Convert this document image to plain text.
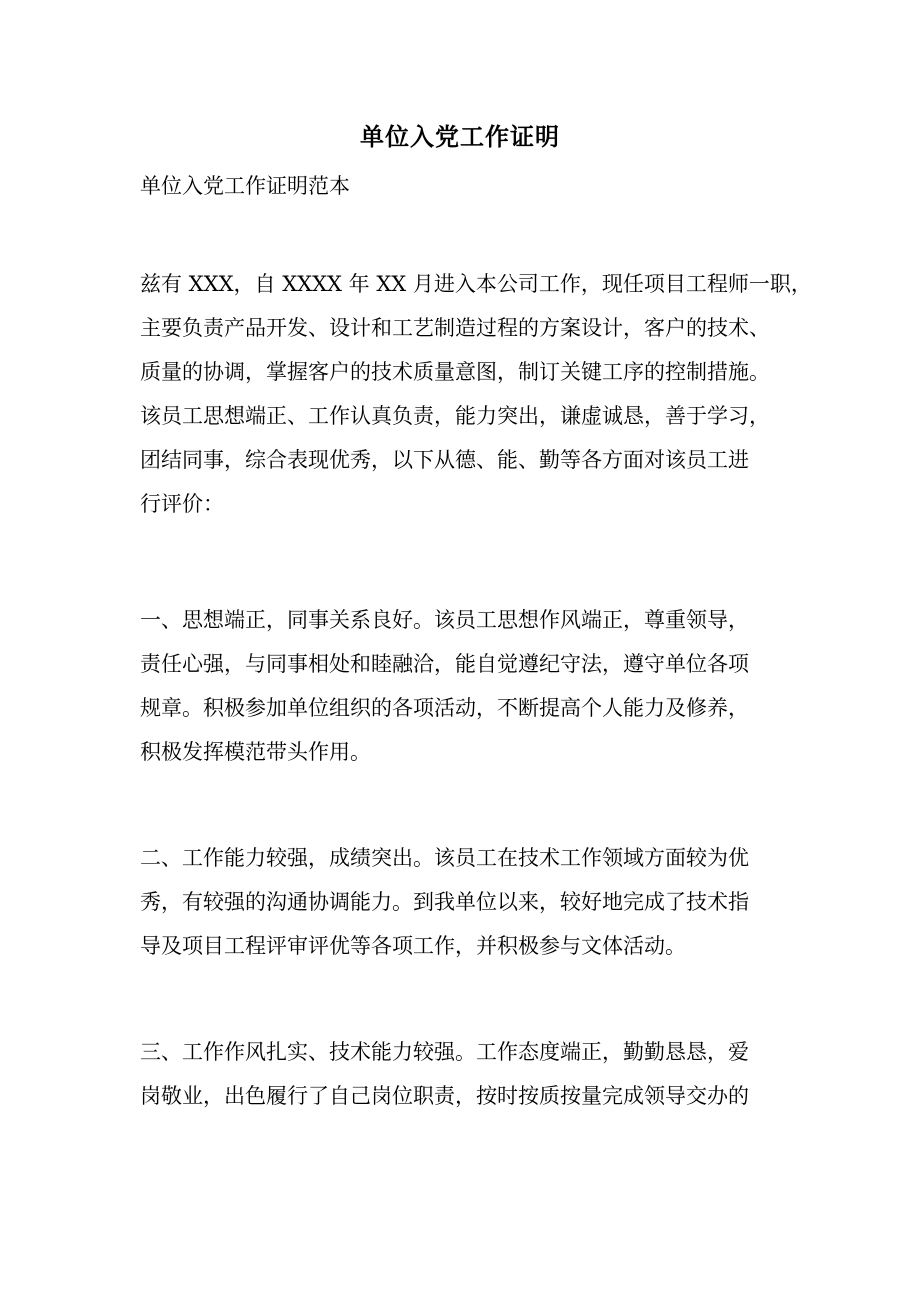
单位入党工作证明
单位入党工作证明范本
兹有 XXX，自 XXXX 年 XX 月进入本公司工作，现任项目工程师一职，
主要负责产品开发、设计和工艺制造过程的方案设计，客户的技术、
质量的协调，掌握客户的技术质量意图，制订关键工序的控制措施。
该员工思想端正、工作认真负责，能力突出，谦虚诚恳，善于学习，
团结同事，综合表现优秀，以下从德、能、勤等各方面对该员工进
行评价：
一、思想端正，同事关系良好。该员工思想作风端正，尊重领导，
责任心强，与同事相处和睦融洽，能自觉遵纪守法，遵守单位各项
规章。积极参加单位组织的各项活动，不断提高个人能力及修养，
积极发挥模范带头作用。
二、工作能力较强，成绩突出。该员工在技术工作领域方面较为优
秀，有较强的沟通协调能力。到我单位以来，较好地完成了技术指
导及项目工程评审评优等各项工作，并积极参与文体活动。
三、工作作风扎实、技术能力较强。工作态度端正，勤勤恳恳，爱
岗敬业，出色履行了自己岗位职责，按时按质按量完成领导交办的
